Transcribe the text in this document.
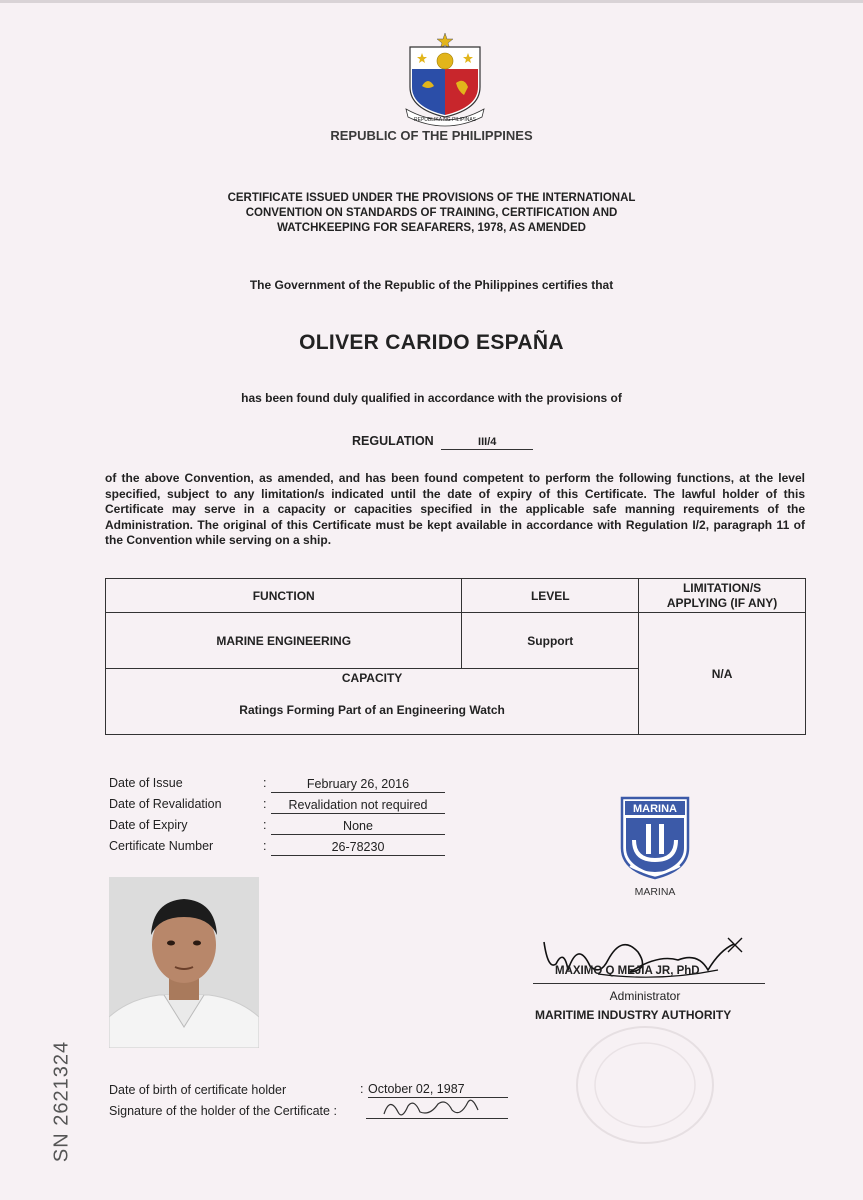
REPUBLIKA NG PILIPINAS
REPUBLIC OF THE PHILIPPINES
CERTIFICATE ISSUED UNDER THE PROVISIONS OF THE INTERNATIONAL
CONVENTION ON STANDARDS OF TRAINING, CERTIFICATION AND
WATCHKEEPING FOR SEAFARERS, 1978, AS AMENDED
The Government of the Republic of the Philippines certifies that
OLIVER CARIDO ESPAÑA
has been found duly qualified in accordance with the provisions of
REGULATION	III/4
of the above Convention, as amended, and has been found competent to perform the following functions, at the level specified, subject to any limitation/s indicated until the date of expiry of this Certificate. The lawful holder of this Certificate may serve in a capacity or capacities specified in the applicable safe manning requirements of the Administration. The original of this Certificate must be kept available in accordance with Regulation I/2, paragraph 11 of the Convention while serving on a ship.
FUNCTION	LEVEL	LIMITATION/S
APPLYING (IF ANY)

MARINE ENGINEERING	Support	N/A

CAPACITY
Ratings Forming Part of an Engineering Watch		
Date of Issue	:	February 26, 2016
Date of Revalidation	:	Revalidation not required
Date of Expiry	:	None
Certificate Number	:	26-78230
MARINA
MARINA
MAXIMO Q MEJIA JR, PhD
Administrator
MARITIME INDUSTRY AUTHORITY
Date of birth of certificate holder	: October 02, 1987
Signature of the holder of the Certificate :
SN 2621324
